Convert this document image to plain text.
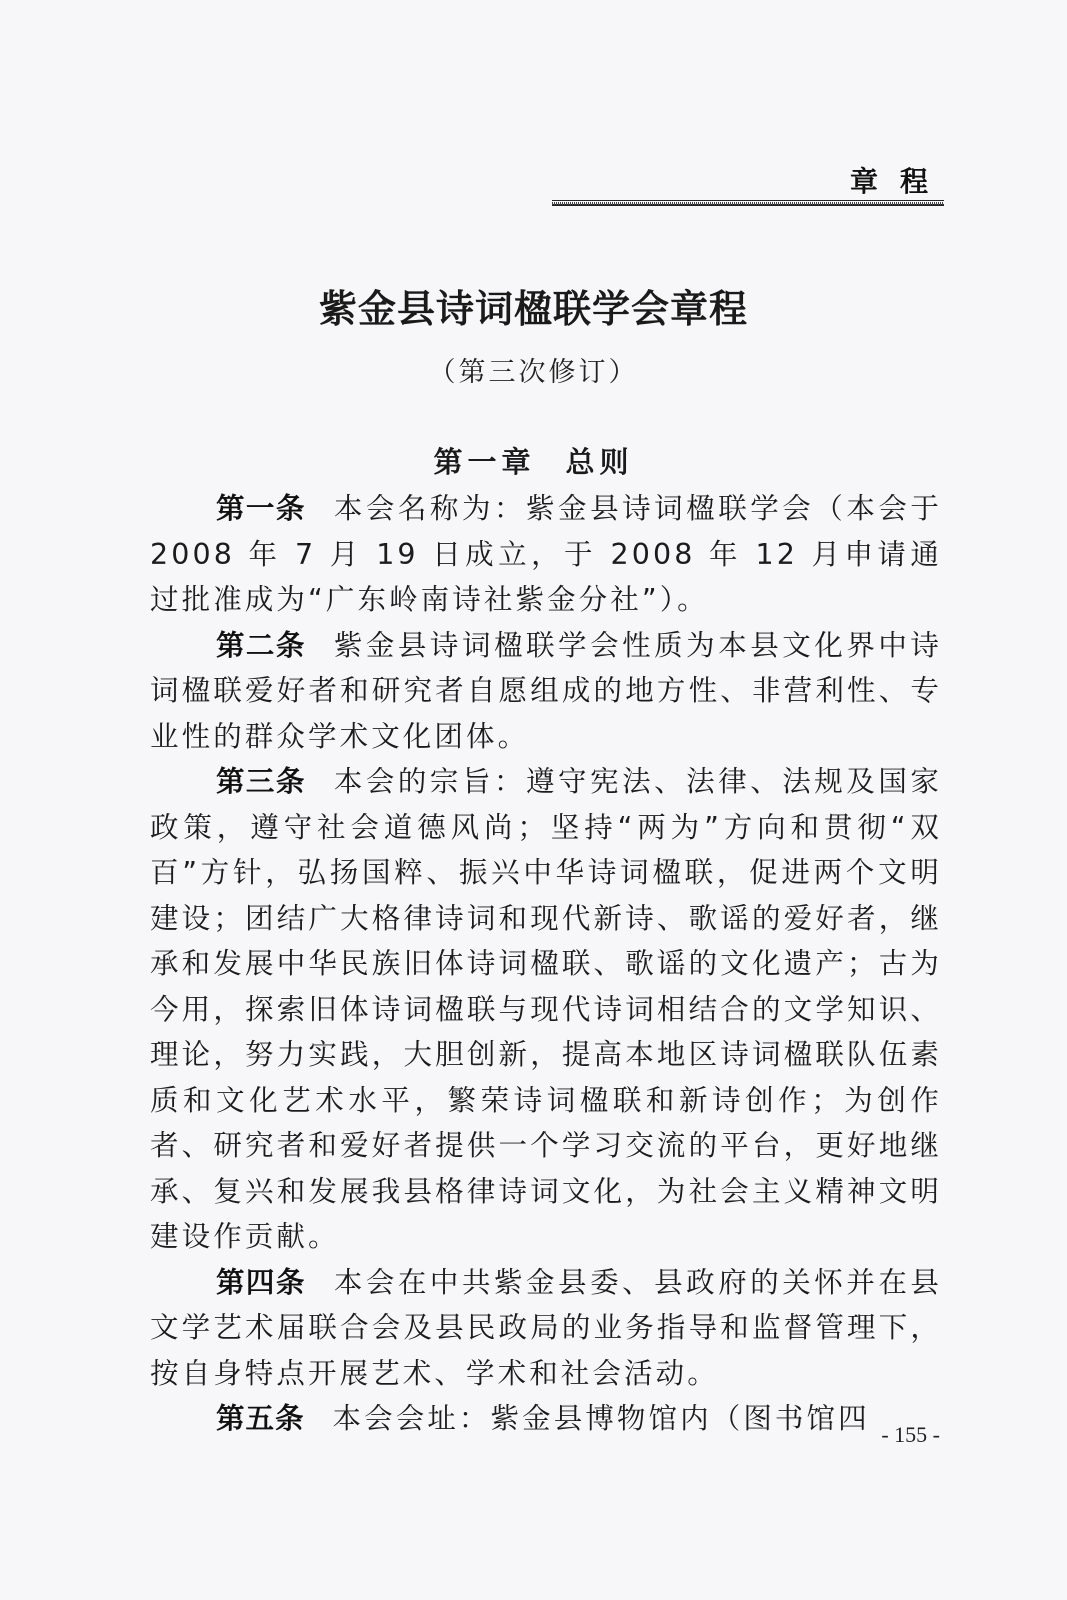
章程
紫金县诗词楹联学会章程
（第三次修订）
第一章 总则

第一条 本会名称为：紫金县诗词楹联学会（本会于 2008 年 7 月 19 日成立，于 2008 年 12 月申请通过批准成为“广东岭南诗社紫金分社”）。

第二条 紫金县诗词楹联学会性质为本县文化界中诗词楹联爱好者和研究者自愿组成的地方性、非营利性、专业性的群众学术文化团体。

第三条 本会的宗旨：遵守宪法、法律、法规及国家政策，遵守社会道德风尚；坚持“两为”方向和贯彻“双百”方针，弘扬国粹、振兴中华诗词楹联，促进两个文明建设；团结广大格律诗词和现代新诗、歌谣的爱好者，继承和发展中华民族旧体诗词楹联、歌谣的文化遗产；古为今用，探索旧体诗词楹联与现代诗词相结合的文学知识、理论，努力实践，大胆创新，提高本地区诗词楹联队伍素质和文化艺术水平，繁荣诗词楹联和新诗创作；为创作者、研究者和爱好者提供一个学习交流的平台，更好地继承、复兴和发展我县格律诗词文化，为社会主义精神文明建设作贡献。

第四条 本会在中共紫金县委、县政府的关怀并在县文学艺术届联合会及县民政局的业务指导和监督管理下，按自身特点开展艺术、学术和社会活动。

第五条 本会会址：紫金县博物馆内（图书馆四 - 155 -
